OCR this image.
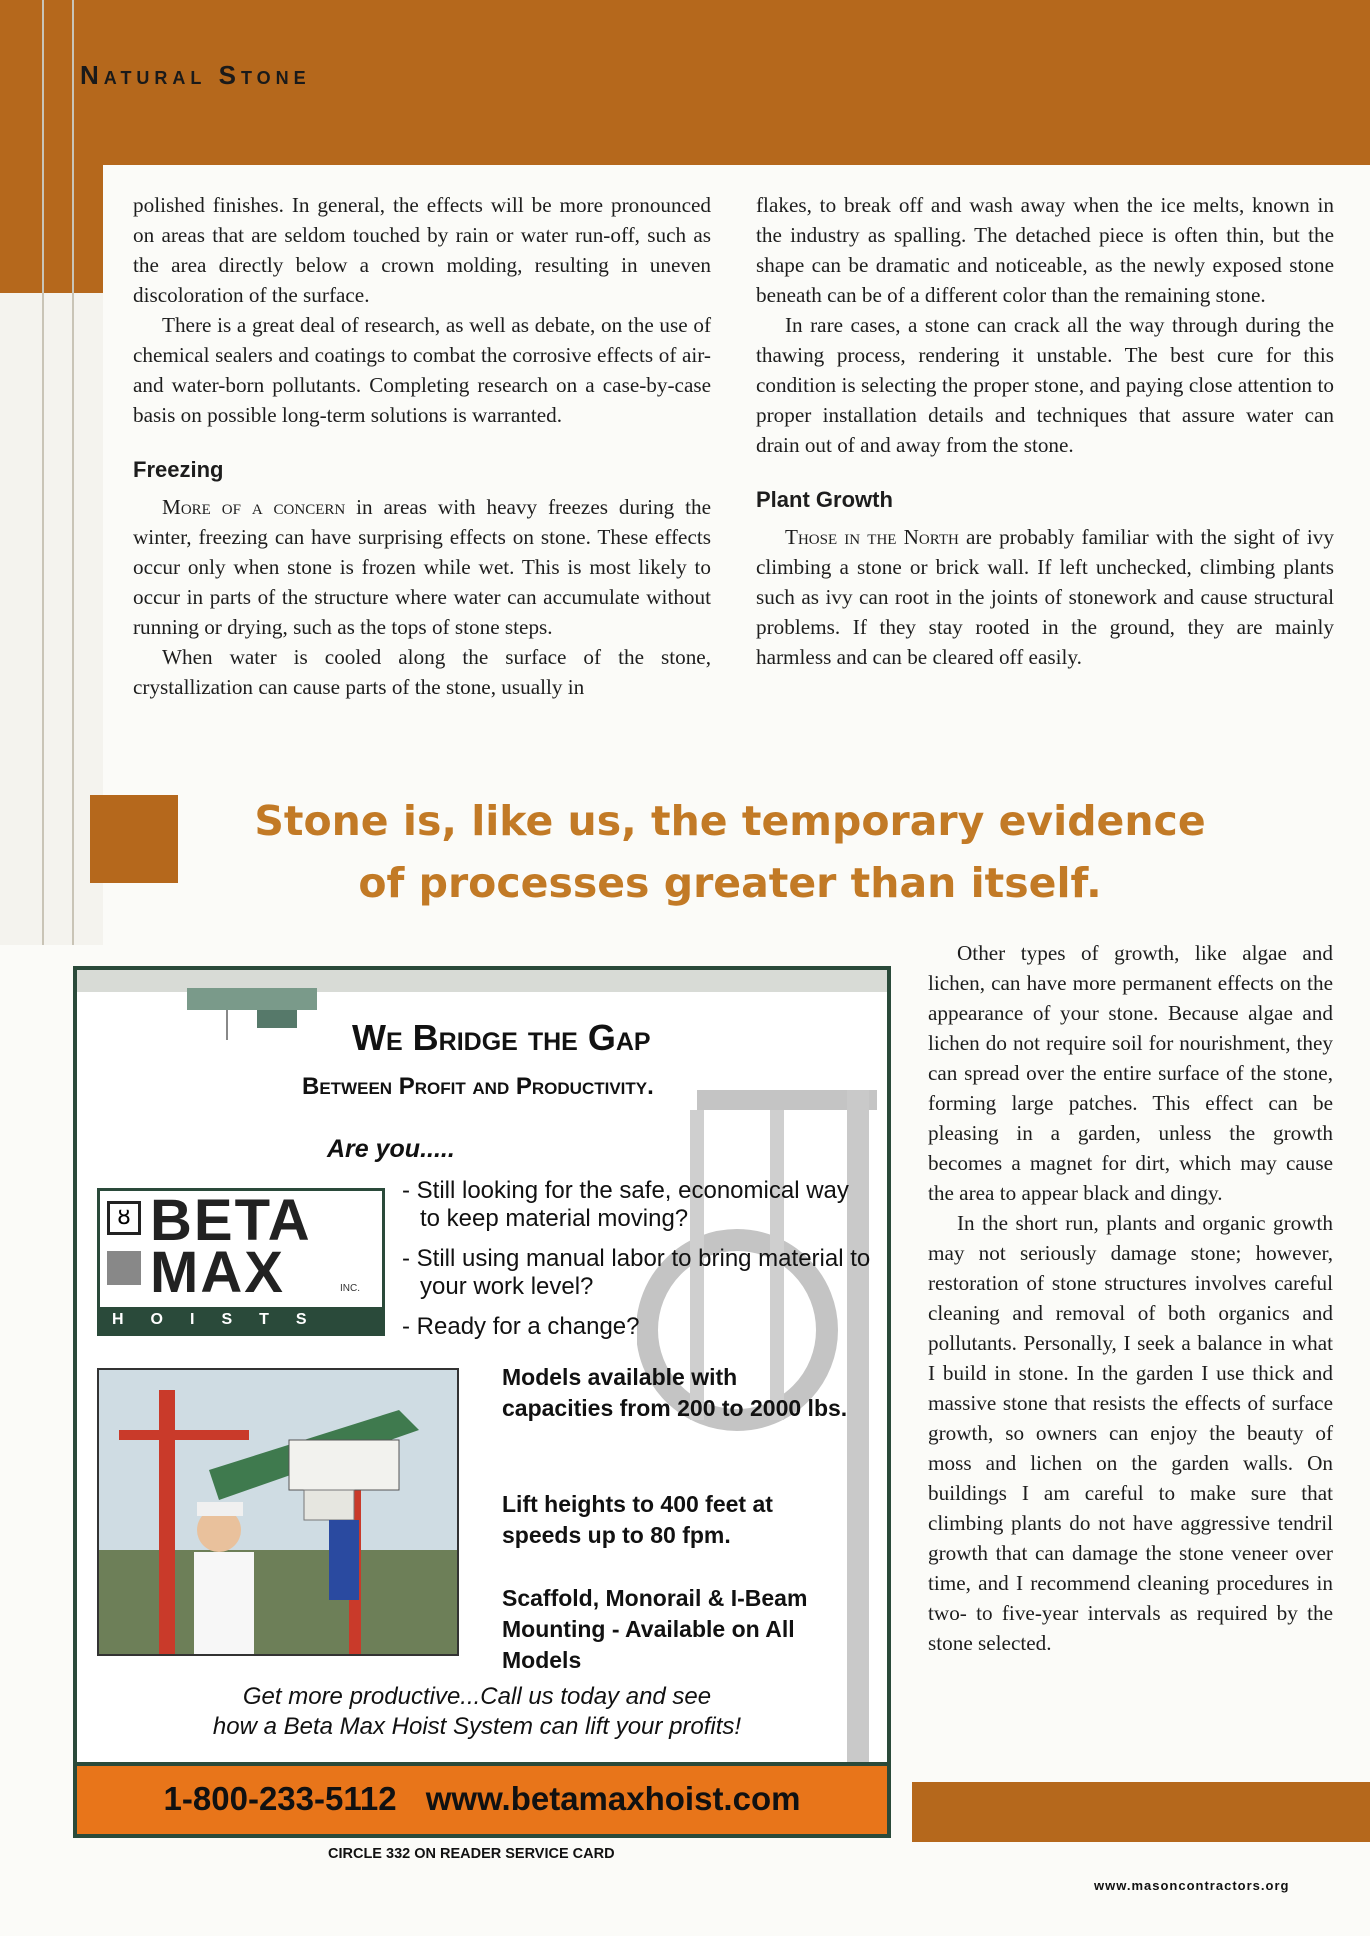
Natural Stone

polished finishes. In general, the effects will be more pronounced on areas that are seldom touched by rain or water run-off, such as the area directly below a crown molding, resulting in uneven discoloration of the surface.

There is a great deal of research, as well as debate, on the use of chemical sealers and coatings to combat the corrosive effects of air- and water-born pollutants. Completing research on a case-by-case basis on possible long-term solutions is warranted.

Freezing

More of a concern in areas with heavy freezes during the winter, freezing can have surprising effects on stone. These effects occur only when stone is frozen while wet. This is most likely to occur in parts of the structure where water can accumulate without running or drying, such as the tops of stone steps.

When water is cooled along the surface of the stone, crystallization can cause parts of the stone, usually in

flakes, to break off and wash away when the ice melts, known in the industry as spalling. The detached piece is often thin, but the shape can be dramatic and noticeable, as the newly exposed stone beneath can be of a different color than the remaining stone.

In rare cases, a stone can crack all the way through during the thawing process, rendering it unstable. The best cure for this condition is selecting the proper stone, and paying close attention to proper installation details and techniques that assure water can drain out of and away from the stone.

Plant Growth

Those in the North are probably familiar with the sight of ivy climbing a stone or brick wall. If left unchecked, climbing plants such as ivy can root in the joints of stonework and cause structural problems. If they stay rooted in the ground, they are mainly harmless and can be cleared off easily.

Stone is, like us, the temporary evidence
of processes greater than itself.

Other types of growth, like algae and lichen, can have more permanent effects on the appearance of your stone. Because algae and lichen do not require soil for nourishment, they can spread over the entire surface of the stone, forming large patches. This effect can be pleasing in a garden, unless the growth becomes a magnet for dirt, which may cause the area to appear black and dingy.

In the short run, plants and organic growth may not seriously damage stone; however, restoration of stone structures involves careful cleaning and removal of both organics and pollutants. Personally, I seek a balance in what I build in stone. In the garden I use thick and massive stone that resists the effects of surface growth, so owners can enjoy the beauty of moss and lichen on the garden walls. On buildings I am careful to make sure that climbing plants do not have aggressive tendril growth that can damage the stone veneer over time, and I recommend cleaning procedures in two- to five-year intervals as required by the stone selected.

We Bridge the Gap

Between Profit and Productivity.

Are you.....

ȣ BETA

MAX	INC.

HOISTS

- Still looking for the safe, economical way to keep material moving?
- Still using manual labor to bring material to your work level?
- Ready for a change?

Models available with capacities from 200 to 2000 lbs.

Lift heights to 400 feet at speeds up to 80 fpm.

Scaffold, Monorail & I-Beam Mounting - Available on All Models

Get more productive...Call us today and see
how a Beta Max Hoist System can lift your profits!

1-800-233-5112 www.betamaxhoist.com

CIRCLE 332 ON READER SERVICE CARD

www.masoncontractors.org
